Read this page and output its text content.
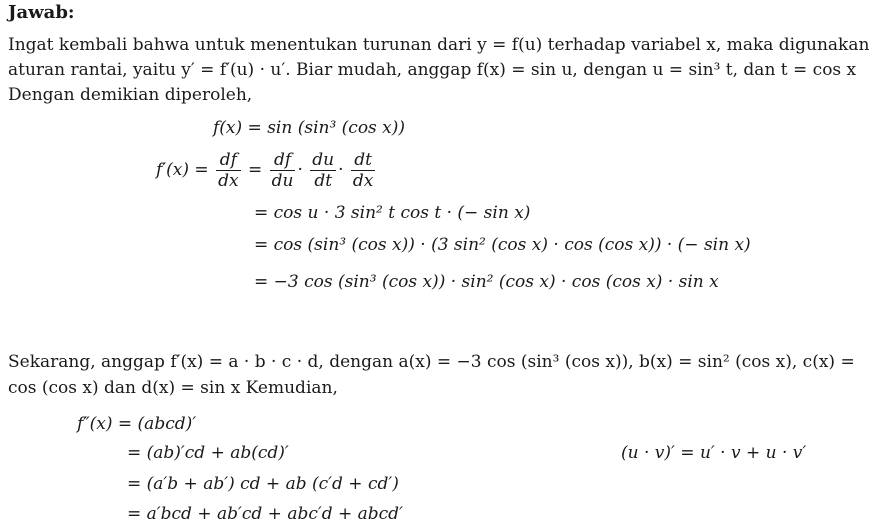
Jawab:
Ingat kembali bahwa untuk menentukan turunan dari y = f(u) terhadap variabel x, maka digunakan
aturan rantai, yaitu y′ = f′(u) · u′. Biar mudah, anggap f(x) = sin u, dengan u = sin³ t, dan t = cos x
Dengan demikian diperoleh,
f(x) = sin (sin³ (cos x))
$f'(x) = \frac{df}{dx} = \frac{df}{du} \cdot \frac{du}{dt} \cdot \frac{dt}{dx}$
= cos u · 3 sin² t cos t · (− sin x)
= cos (sin³ (cos x)) · (3 sin² (cos x) · cos (cos x)) · (− sin x)
= −3 cos (sin³ (cos x)) · sin² (cos x) · cos (cos x) · sin x
Sekarang, anggap f′(x) = a · b · c · d, dengan a(x) = −3 cos (sin³ (cos x)), b(x) = sin² (cos x), c(x) =
cos (cos x) dan d(x) = sin x Kemudian,
f″(x) = (abcd)′
= (ab)′cd + ab(cd)′
= (a′b + ab′) cd + ab (c′d + cd′)
= a′bcd + ab′cd + abc′d + abcd′
(u · v)′ = u′ · v + u · v′
